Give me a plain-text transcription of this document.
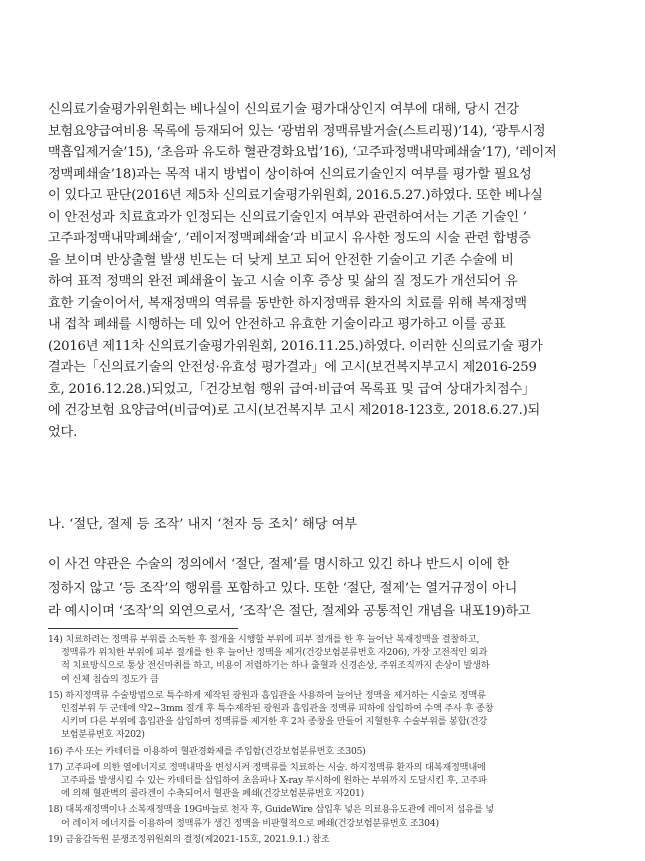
신의료기술평가위원회는 베나실이 신의료기술 평가대상인지 여부에 대해, 당시 건강
보험요양급여비용 목록에 등재되어 있는 ‘광범위 정맥류발거술(스트리핑)’14), ‘광투시정
맥흡입제거술’15), ‘초음파 유도하 혈관경화요법’16), ‘고주파정맥내막폐쇄술’17), ‘레이저
정맥폐쇄술’18)과는 목적 내지 방법이 상이하여 신의료기술인지 여부를 평가할 필요성
이 있다고 판단(2016년 제5차 신의료기술평가위원회, 2016.5.27.)하였다. 또한 베나실
이 안전성과 치료효과가 인정되는 신의료기술인지 여부와 관련하여서는 기존 기술인 ’
고주파정맥내막폐쇄술‘, ’레이저정맥폐쇄술‘과 비교시 유사한 정도의 시술 관련 합병증
을 보이며 반상출혈 발생 빈도는 더 낮게 보고 되어 안전한 기술이고 기존 수술에 비
하여 표적 정맥의 완전 폐쇄율이 높고 시술 이후 증상 및 삶의 질 정도가 개선되어 유
효한 기술이어서, 복재정맥의 역류를 동반한 하지정맥류 환자의 치료를 위해 복재정맥
내 접착 폐쇄를 시행하는 데 있어 안전하고 유효한 기술이라고 평가하고 이를 공표
(2016년 제11차 신의료기술평가위원회, 2016.11.25.)하였다. 이러한 신의료기술 평가
결과는「신의료기술의 안전성·유효성 평가결과」에 고시(보건복지부고시 제2016-259
호, 2016.12.28.)되었고,「건강보험 행위 급여·비급여 목록표 및 급여 상대가치점수」
에 건강보험 요양급여(비급여)로 고시(보건복지부 고시 제2018-123호, 2018.6.27.)되
었다.
나. ‘절단, 절제 등 조작’ 내지 ‘천자 등 조치’ 해당 여부
이 사건 약관은 수술의 정의에서 ‘절단, 절제’를 명시하고 있긴 하나 반드시 이에 한
정하지 않고 ‘등 조작’의 행위를 포함하고 있다. 또한 ‘절단, 절제’는 열거규정이 아니
라 예시이며 ‘조작’의 외연으로서, ‘조작’은 절단, 절제와 공통적인 개념을 내포19)하고
14) 치료하려는 정맥류 부위를 소독한 후 절개을 시행할 부위에 피부 절개를 한 후 늘어난 복재정맥을 결찰하고,
정맥류가 위치한 부위에 피부 절개를 한 후 늘어난 정맥을 제거(건강보험분류번호 자206), 가장 고전적인 외과
적 치료방식으로 통상 전신마취를 하고, 비용이 저렴하기는 하나 출혈과 신경손상, 주위조직까지 손상이 발생하
여 신체 침습의 정도가 큼
15) 하지정맥류 수술방법으로 특수하게 제작된 광원과 흡입관을 사용하여 늘어난 정맥을 제거하는 시술로 정맥류
인접부위 두 군데에 약2~3mm 절개 후 특수제작된 광원과 흡입관을 정맥류 피하에 삽입하여 수액 주사 후 종창
시키며 다른 부위에 흡입관을 삽입하여 정맥류를 제거한 후 2차 종창을 만들어 지혈한후 수술부위를 봉합(건강
보험분류번호 자202)
16) 주사 또는 카테터를 이용하여 혈관경화제를 주입함(건강보험분류번호 조305)
17) 고주파에 의한 열에너지로 정맥내막을 변성시켜 정맥류를 치료하는 시술. 하지정맥류 환자의 대복재정맥내에
고주파를 발생시킬 수 있는 카테터를 삽입하여 초음파나 X-ray 투시하에 원하는 부위까지 도달시킨 후, 고주파
에 의해 혈관벽의 콜라겐이 수축되어서 혈관을 폐쇄(건강보험분류번호 자201)
18) 대복재정맥이나 소복재정맥을 19G바늘로 천자 후, GuideWire 삽입후 넣은 의료용유도관에 레이저 섬유를 넣
어 레이저 에너지를 이용하여 정맥류가 생긴 정맥을 비판혈적으로 폐쇄(건강보험분류번호 조304)
19) 금융감독원 분쟁조정위원회의 결정(제2021-15호, 2021.9.1.) 참조
